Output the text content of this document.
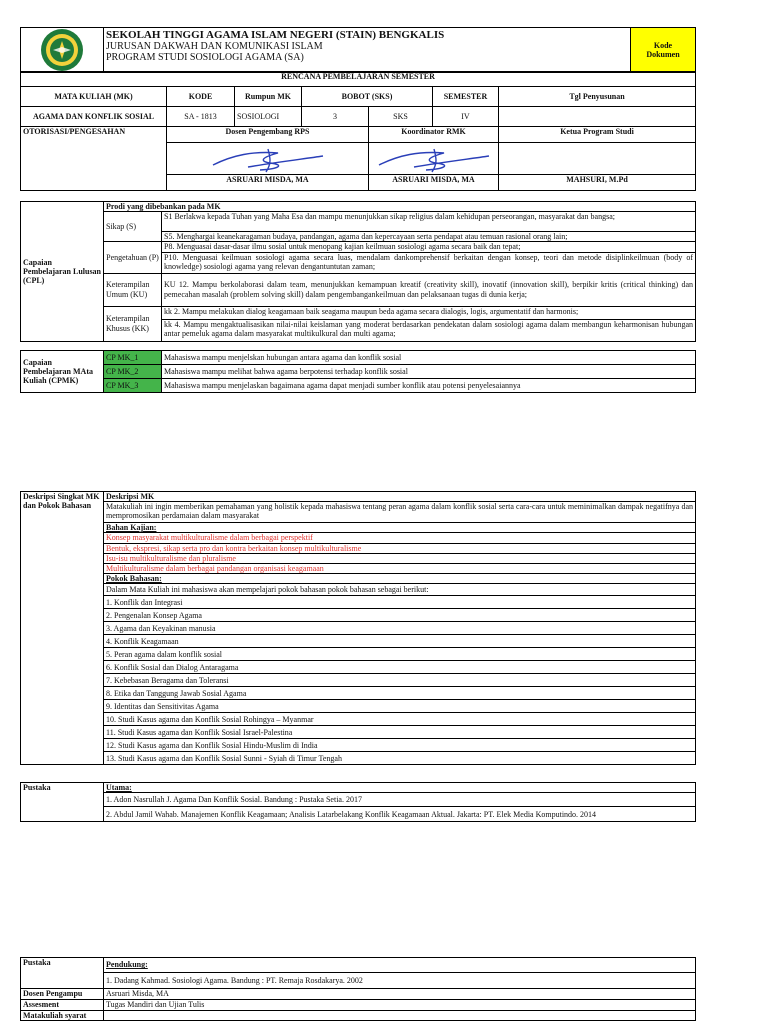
SEKOLAH TINGGI AGAMA ISLAM NEGERI (STAIN) BENGKALIS
JURUSAN DAKWAH DAN KOMUNIKASI ISLAM
PROGRAM STUDI SOSIOLOGI AGAMA (SA)

Kode
Dokumen
RENCANA PEMBELAJARAN SEMESTER						
MATA KULIAH (MK)	KODE	Rumpun MK	BOBOT (SKS)		SEMESTER	Tgl Penyusunan
AGAMA DAN KONFLIK SOSIAL	SA - 1813	SOSIOLOGI	3	SKS	IV	
OTORISASI/PENGESAHAN	Dosen Pengembang RPS			Koordinator RMK		Ketua Program Studi

	ASRUARI MISDA, MA			ASRUARI MISDA, MA		MAHSURI, M.Pd
Capaian Pembelajaran Lulusan (CPL)	Prodi yang dibebankan pada MK	
	Sikap (S)	S1 Berlakwa kepada Tuhan yang Maha Esa dan mampu menunjukkan sikap religius dalam kehidupan perseorangan, masyarakat dan bangsa;
		S5. Menghargai keanekaragaman budaya, pandangan, agama dan kepercayaan serta pendapat atau temuan rasional orang lain;
	Pengetahuan (P)	P8. Menguasai dasar-dasar ilmu sosial untuk menopang kajian keilmuan sosiologi agama secara baik dan tepat;
		P10. Menguasai keilmuan sosiologi agama secara luas, mendalam dankomprehensif berkaitan dengan konsep, teori dan metode disiplinkeilmuan (body of knowledge) sosiologi agama yang relevan dengantuntutan zaman;
	Keterampilan Umum (KU)	KU 12. Mampu berkolaborasi dalam team, menunjukkan kemampuan kreatif (creativity skill), inovatif (innovation skill), berpikir kritis (critical thinking) dan pemecahan masalah (problem solving skill) dalam pengembangankeilmuan dan pelaksanaan tugas di dunia kerja;
	Keterampilan Khusus (KK)	kk 2. Mampu melakukan dialog keagamaan baik seagama maupun beda agama secara dialogis, logis, argumentatif dan harmonis;
		kk 4. Mampu mengaktualisasikan nilai-nilai keislaman yang moderat berdasarkan pendekatan dalam sosiologi agama dalam membangun keharmonisan hubungan antar pemeluk agama dalam masyarakat multikulkural dan multi agama;
Capaian Pembelajaran MAta Kuliah (CPMK)	CP MK_1	Mahasiswa mampu menjelskan hubungan antara agama dan konflik sosial
	CP MK_2	Mahasiswa mampu melihat bahwa agama berpotensi terhadap konflik sosial
	CP MK_3	Mahasiswa mampu menjelaskan bagaimana agama dapat menjadi sumber konflik atau potensi penyelesaiannya
Deskripsi Singkat MK dan Pokok Bahasan	Deskripsi MK
Matakuliah ini ingin memberikan pemahaman yang holistik kepada mahasiswa tentang peran agama dalam konflik sosial serta cara-cara untuk meminimalkan dampak negatifnya dan mempromosikan perdamaian dalam masyarakat
Bahan Kajian:
Konsep masyarakat multikulturalisme dalam berbagai perspektif
Bentuk, ekspresi, sikap serta pro dan kontra berkaitan konsep multikulturalisme
Isu-isu multikulturalisme dan pluralisme
Multikulturalisme dalam berbagai pandangan organisasi keagamaan
Pokok Bahasan:
Dalam Mata Kuliah ini mahasiswa akan mempelajari pokok bahasan pokok bahasan sebagai berikut:
1. Konflik dan Integrasi
2. Pengenalan Konsep Agama
3. Agama dan Keyakinan manusia
4. Konflik Keagamaan
5. Peran agama dalam konflik sosial
6. Konflik Sosial dan Dialog Antaragama
7. Kebebasan Beragama dan Toleransi
8. Etika dan Tanggung Jawab Sosial Agama
9. Identitas dan Sensitivitas Agama
10. Studi Kasus agama dan Konflik Sosial Rohingya – Myanmar
11. Studi Kasus agama dan Konflik Sosial Israel-Palestina
12. Studi Kasus agama dan Konflik Sosial Hindu-Muslim di India
13. Studi Kasus agama dan Konflik Sosial Sunni - Syiah di Timur Tengah
Pustaka	Utama:
1. Adon Nasrullah J. Agama Dan Konflik Sosial. Bandung : Pustaka Setia. 2017
2. Abdul Jamil Wahab. Manajemen Konflik Keagamaan; Analisis Latarbelakang Konflik Keagamaan Aktual. Jakarta: PT. Elek Media Komputindo. 2014
Pustaka	Pendukung:
	1. Dadang Kahmad. Sosiologi Agama. Bandung : PT. Remaja Rosdakarya. 2002
Dosen Pengampu	Asruari Misda, MA
Assesment	Tugas Mandiri dan Ujian Tulis
Matakuliah syarat	
